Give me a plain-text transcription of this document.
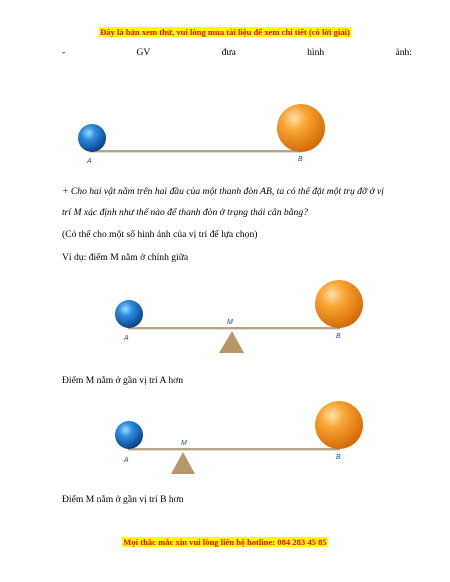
Đây là bản xem thử, vui lòng mua tài liệu để xem chi tiết (có lời giải)
-	GV	đưa	hình	ảnh:
A	B
A
M
B
A
M
B
+ Cho hai vật nằm trên hai đầu của một thanh đòn AB, ta có thể đặt một trụ đỡ ở vị
trí M xác định như thế nào để thanh đòn ở trạng thái cân bằng?
(Có thể cho một số hình ảnh của vị trí để lựa chọn)
Ví dụ: điểm M nằm ở chính giữa
Điểm M nằm ở gần vị trí A hơn
Điểm M nằm ở gần vị trí B hơn
Mọi thắc mắc xin vui lòng liên hệ hotline: 084 283 45 85
